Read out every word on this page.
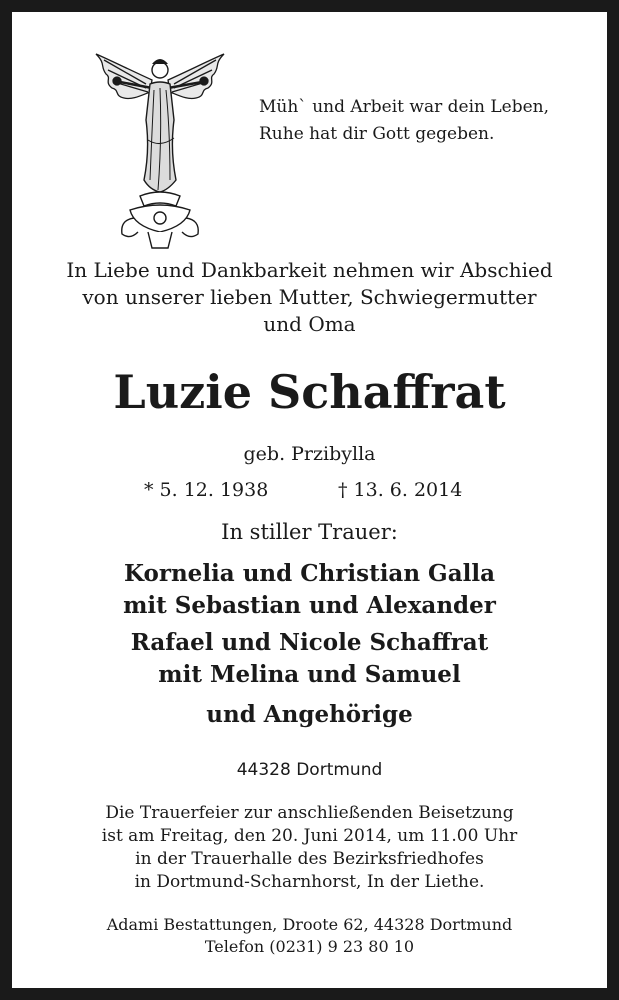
Müh` und Arbeit war dein Leben,
Ruhe hat dir Gott gegeben.
In Liebe und Dankbarkeit nehmen wir Abschied
von unserer lieben Mutter, Schwiegermutter
und Oma
Luzie Schaffrat
geb. Przibylla
* 5. 12. 1938	† 13. 6. 2014
In stiller Trauer:
Kornelia und Christian Galla
mit Sebastian und Alexander
Rafael und Nicole Schaffrat
mit Melina und Samuel
und Angehörige
44328 Dortmund
Die Trauerfeier zur anschließenden Beisetzung
ist am Freitag, den 20. Juni 2014, um 11.00 Uhr
in der Trauerhalle des Bezirksfriedhofes
in Dortmund-Scharnhorst, In der Liethe.
Adami Bestattungen, Droote 62, 44328 Dortmund
Telefon (0231) 9 23 80 10
